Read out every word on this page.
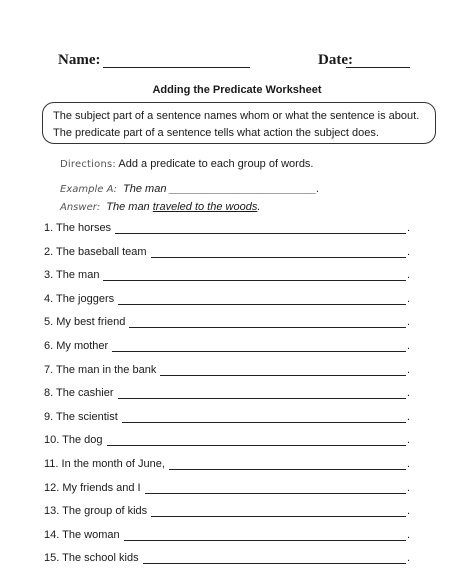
Name:	Date:
Adding the Predicate Worksheet
The subject part of a sentence names whom or what the sentence is about. The predicate part of a sentence tells what action the subject does.
Directions: Add a predicate to each group of words.
Example A: The man ________________________.
Answer: The man traveled to the woods.
1. The horses	.
2. The baseball team	.
3. The man	.
4. The joggers	.
5. My best friend	.
6. My mother	.
7. The man in the bank	.
8. The cashier	.
9. The scientist	.
10. The dog	.
11. In the month of June,	.
12. My friends and I	.
13. The group of kids	.
14. The woman	.
15. The school kids	.
